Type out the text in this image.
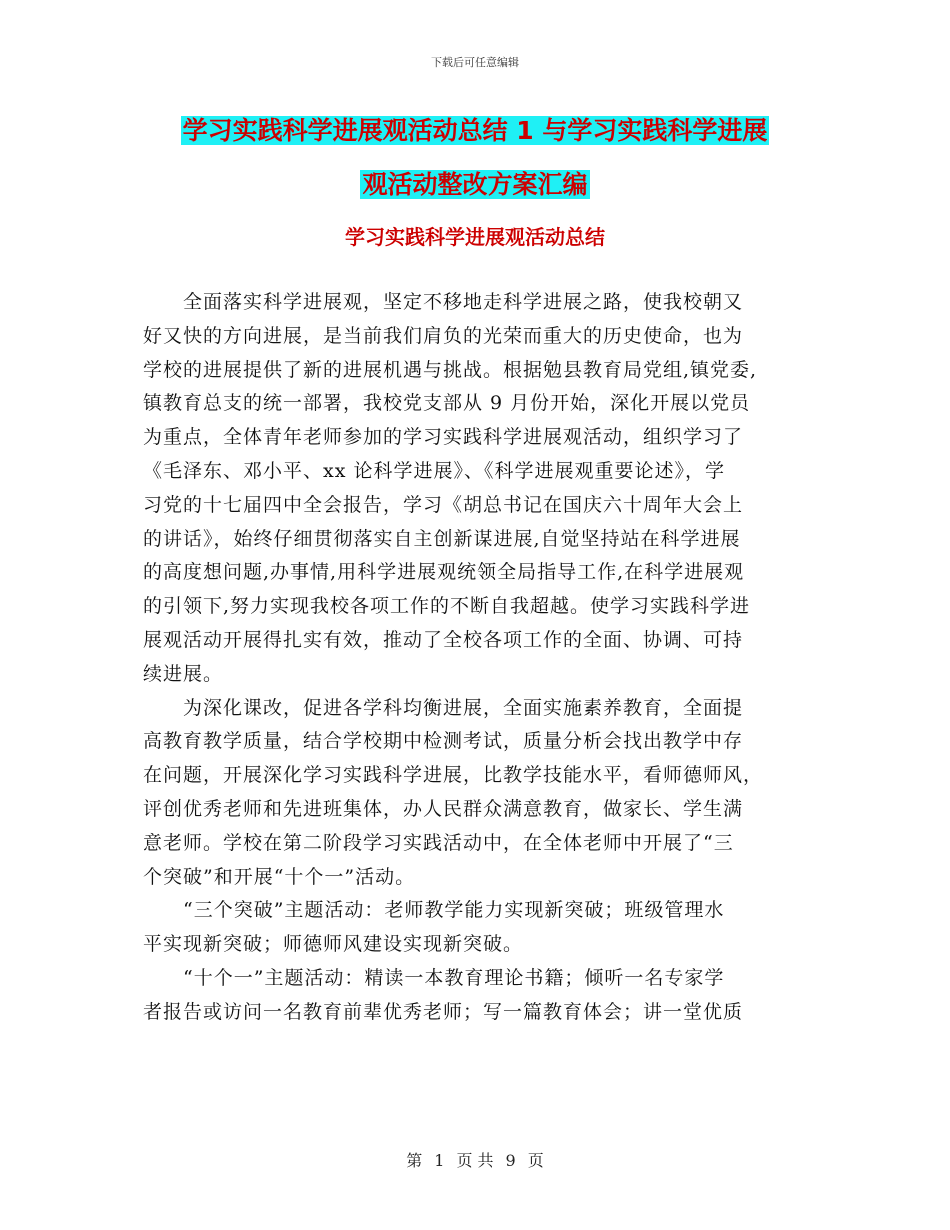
下载后可任意编辑
学习实践科学进展观活动总结 1 与学习实践科学进展
观活动整改方案汇编
学习实践科学进展观活动总结
全面落实科学进展观，坚定不移地走科学进展之路，使我校朝又
好又快的方向进展，是当前我们肩负的光荣而重大的历史使命，也为
学校的进展提供了新的进展机遇与挑战。根据勉县教育局党组,镇党委,
镇教育总支的统一部署，我校党支部从 9 月份开始，深化开展以党员
为重点，全体青年老师参加的学习实践科学进展观活动，组织学习了
《毛泽东、邓小平、xx 论科学进展》、《科学进展观重要论述》，学
习党的十七届四中全会报告，学习《胡总书记在国庆六十周年大会上
的讲话》，始终仔细贯彻落实自主创新谋进展,自觉坚持站在科学进展
的高度想问题,办事情,用科学进展观统领全局指导工作,在科学进展观
的引领下,努力实现我校各项工作的不断自我超越。使学习实践科学进
展观活动开展得扎实有效，推动了全校各项工作的全面、协调、可持
续进展。
为深化课改，促进各学科均衡进展，全面实施素养教育，全面提
高教育教学质量，结合学校期中检测考试，质量分析会找出教学中存
在问题，开展深化学习实践科学进展，比教学技能水平，看师德师风，
评创优秀老师和先进班集体，办人民群众满意教育，做家长、学生满
意老师。学校在第二阶段学习实践活动中，在全体老师中开展了“三
个突破”和开展“十个一”活动。
“三个突破”主题活动：老师教学能力实现新突破；班级管理水
平实现新突破；师德师风建设实现新突破。
“十个一”主题活动：精读一本教育理论书籍；倾听一名专家学
者报告或访问一名教育前辈优秀老师；写一篇教育体会；讲一堂优质
第 1 页 共 9 页
